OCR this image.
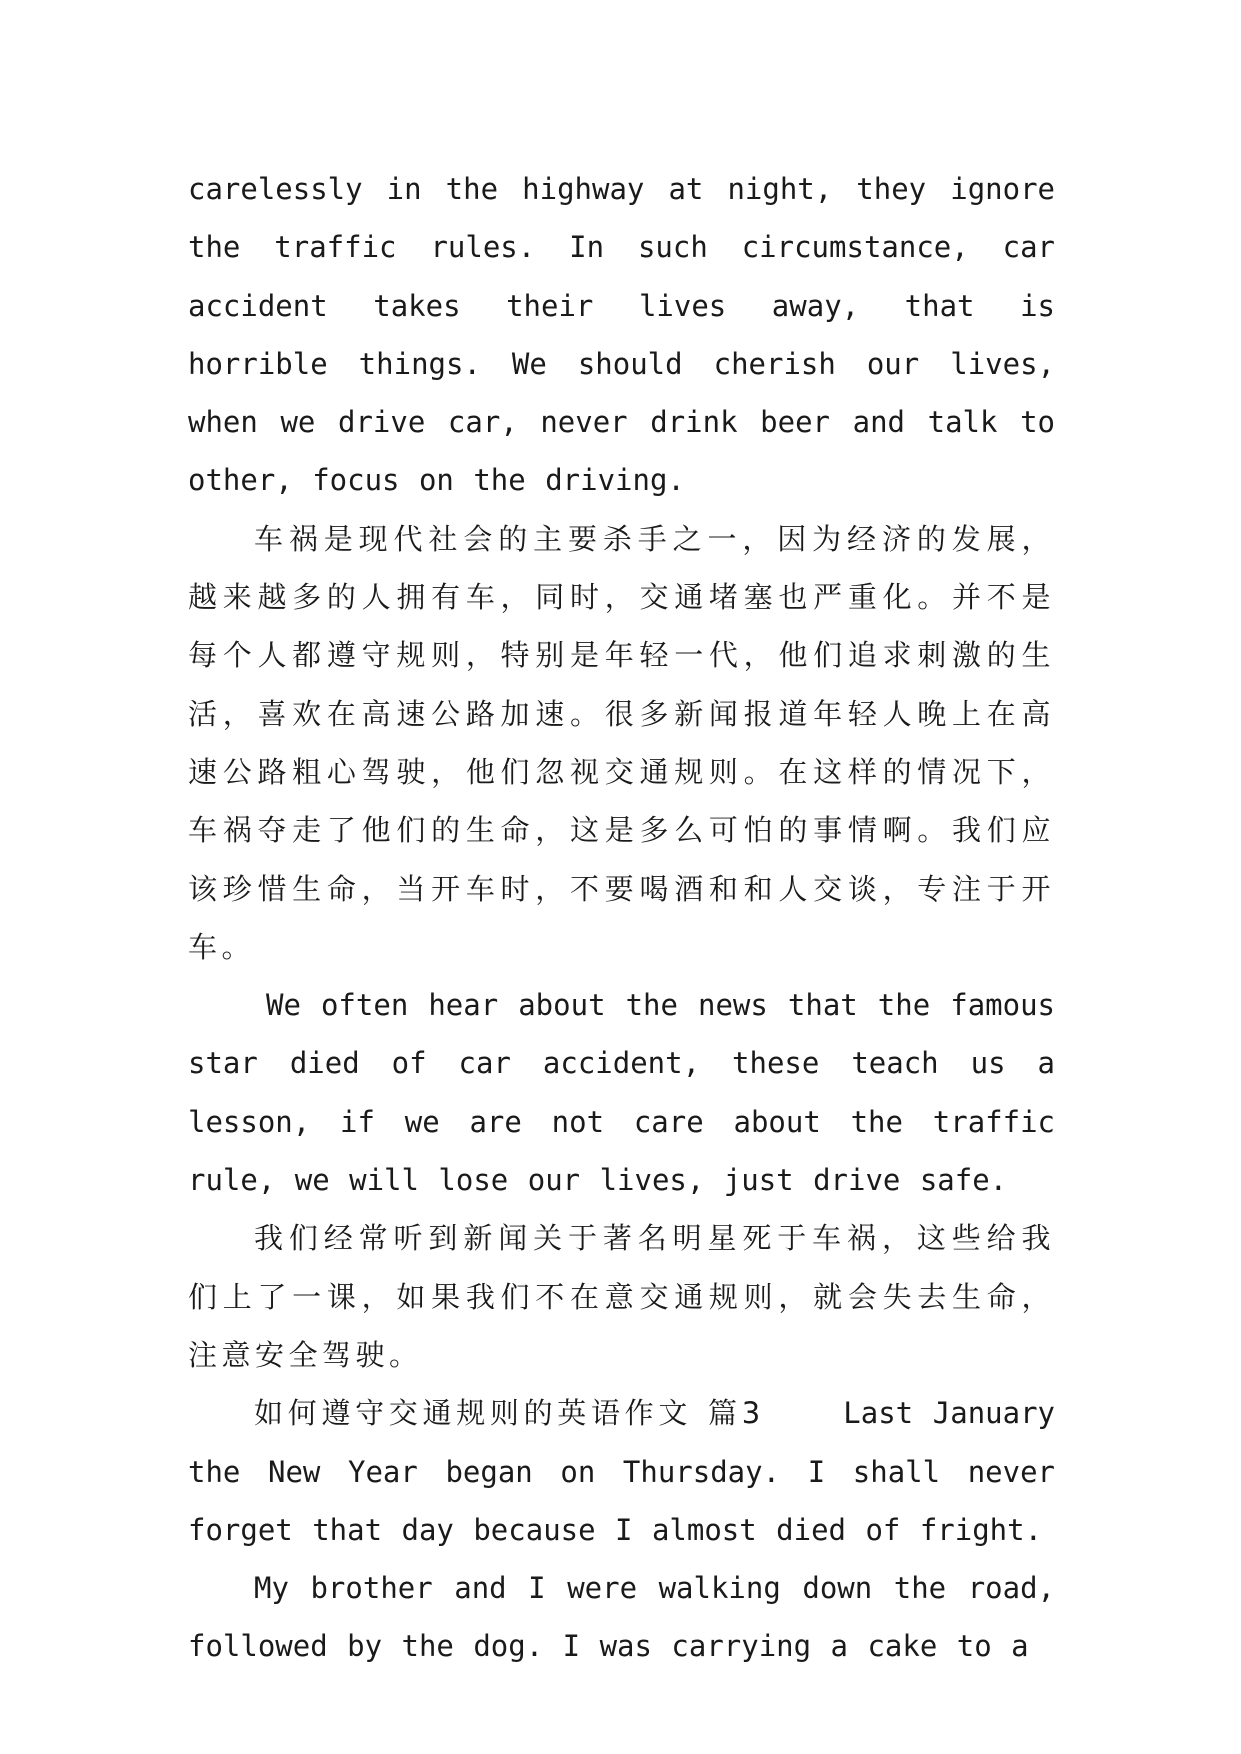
carelessly in the highway at night, they ignore the traffic rules. In such circumstance, car accident takes their lives away, that is horrible things. We should cherish our lives, when we drive car, never drink beer and talk to other, focus on the driving.

车祸是现代社会的主要杀手之一，因为经济的发展，越来越多的人拥有车，同时，交通堵塞也严重化。并不是每个人都遵守规则，特别是年轻一代，他们追求刺激的生活，喜欢在高速公路加速。很多新闻报道年轻人晚上在高速公路粗心驾驶，他们忽视交通规则。在这样的情况下，车祸夺走了他们的生命，这是多么可怕的事情啊。我们应该珍惜生命，当开车时，不要喝酒和和人交谈，专注于开车。

We often hear about the news that the famous star died of car accident, these teach us a lesson, if we are not care about the traffic rule, we will lose our lives, just drive safe.

我们经常听到新闻关于著名明星死于车祸，这些给我们上了一课，如果我们不在意交通规则，就会失去生命，注意安全驾驶。

如何遵守交通规则的英语作文 篇3	Last January the New Year began on Thursday. I shall never forget that day because I almost died of fright.

My brother and I were walking down the road, followed by the dog. I was carrying a cake to a
